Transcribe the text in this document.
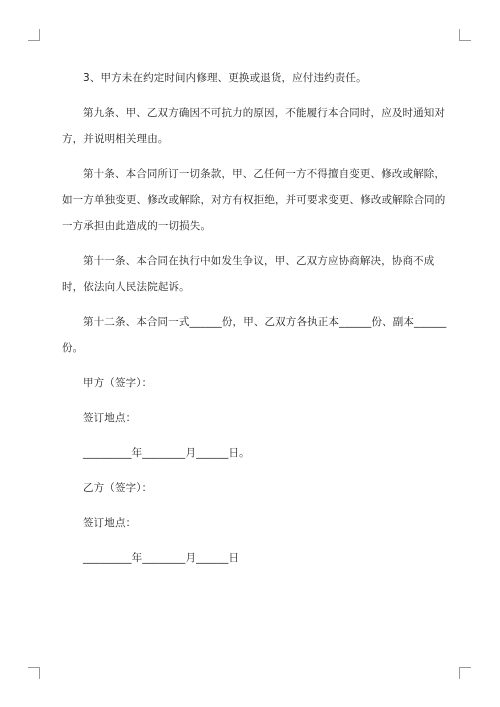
3、甲方未在约定时间内修理、更换或退货，应付违约责任。

第九条、甲、乙双方确因不可抗力的原因，不能履行本合同时，应及时通知对方，并说明相关理由。

第十条、本合同所订一切条款，甲、乙任何一方不得擅自变更、修改或解除，如一方单独变更、修改或解除，对方有权拒绝，并可要求变更、修改或解除合同的一方承担由此造成的一切损失。

第十一条、本合同在执行中如发生争议，甲、乙双方应协商解决，协商不成时，依法向人民法院起诉。

第十二条、本合同一式______份，甲、乙双方各执正本______份、副本______份。

甲方（签字）：

签订地点：

_________年________月______日。

乙方（签字）：

签订地点：

_________年________月______日
